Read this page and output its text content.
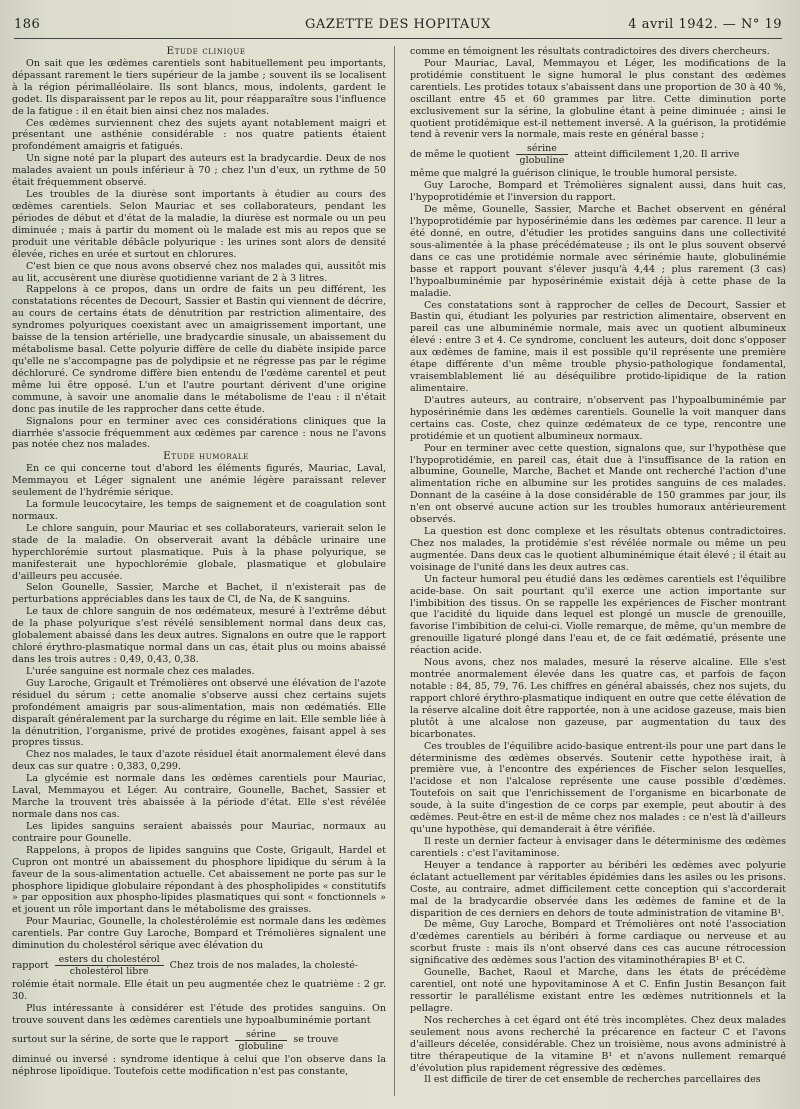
186	GAZETTE DES HOPITAUX	4 avril 1942. — N° 19

Etude clinique

On sait que les œdèmes carentiels sont habituellement peu importants, dépassant rarement le tiers supérieur de la jambe ; souvent ils se localisent à la région périmalléolaire. Ils sont blancs, mous, indolents, gardent le godet. Ils disparaissent par le repos au lit, pour réapparaître sous l'influence de la fatigue : il en était bien ainsi chez nos malades.

Ces œdèmes surviennent chez des sujets ayant notablement maigri et présentant une asthénie considérable : nos quatre patients étaient profondément amaigris et fatigués.

Un signe noté par la plupart des auteurs est la bradycardie. Deux de nos malades avaient un pouls inférieur à 70 ; chez l'un d'eux, un rythme de 50 était fréquemment observé.

Les troubles de la diurèse sont importants à étudier au cours des œdèmes carentiels. Selon Mauriac et ses collaborateurs, pendant les périodes de début et d'état de la maladie, la diurèse est normale ou un peu diminuée ; mais à partir du moment où le malade est mis au repos que se produit une véritable débâcle polyurique : les urines sont alors de densité élevée, riches en urée et surtout en chlorures.

C'est bien ce que nous avons observé chez nos malades qui, aussitôt mis au lit, accusèrent une diurèse quotidienne variant de 2 à 3 litres.

Rappelons à ce propos, dans un ordre de faits un peu différent, les constatations récentes de Decourt, Sassier et Bastin qui viennent de décrire, au cours de certains états de dénutrition par restriction alimentaire, des syndromes polyuriques coexistant avec un amaigrissement important, une baisse de la tension artérielle, une bradycardie sinusale, un abaissement du métabolisme basal. Cette polyurie diffère de celle du diabète insipide parce qu'elle ne s'accompagne pas de polydipsie et ne régresse pas par le régime déchloruré. Ce syndrome diffère bien entendu de l'œdème carentel et peut même lui être opposé. L'un et l'autre pourtant dérivent d'une origine commune, à savoir une anomalie dans le métabolisme de l'eau : il n'était donc pas inutile de les rapprocher dans cette étude.

Signalons pour en terminer avec ces considérations cliniques que la diarrhée s'associe fréquemment aux œdèmes par carence : nous ne l'avons pas notée chez nos malades.

Etude humorale

En ce qui concerne tout d'abord les éléments figurés, Mauriac, Laval, Memmayou et Léger signalent une anémie légère paraissant relever seulement de l'hydrémie sérique.

La formule leucocytaire, les temps de saignement et de coagulation sont normaux.

Le chlore sanguin, pour Mauriac et ses collaborateurs, varierait selon le stade de la maladie. On observerait avant la débâcle urinaire une hyperchlorémie surtout plasmatique. Puis à la phase polyurique, se manifesterait une hypochlorémie globale, plasmatique et globulaire d'ailleurs peu accusée.

Selon Gounelle, Sassier, Marche et Bachet, il n'existerait pas de perturbations appréciables dans les taux de Cl, de Na, de K sanguins.

Le taux de chlore sanguin de nos œdémateux, mesuré à l'extrême début de la phase polyurique s'est révélé sensiblement normal dans deux cas, globalement abaissé dans les deux autres. Signalons en outre que le rapport chloré érythro-plasmatique normal dans un cas, était plus ou moins abaissé dans les trois autres : 0,49, 0,43, 0,38.

L'urée sanguine est normale chez ces malades.

Guy Laroche, Grigault et Trémolières ont observé une élévation de l'azote résiduel du sérum ; cette anomalie s'observe aussi chez certains sujets profondément amaigris par sous-alimentation, mais non œdématiés. Elle disparaît généralement par la surcharge du régime en lait. Elle semble liée à la dénutrition, l'organisme, privé de protides exogènes, faisant appel à ses propres tissus.

Chez nos malades, le taux d'azote résiduel était anormalement élevé dans deux cas sur quatre : 0,383, 0,299.

La glycémie est normale dans les œdèmes carentiels pour Mauriac, Laval, Memmayou et Léger. Au contraire, Gounelle, Bachet, Sassier et Marche la trouvent très abaissée à la période d'état. Elle s'est révélée normale dans nos cas.

Les lipides sanguins seraient abaissés pour Mauriac, normaux au contraire pour Gounelle.

Rappelons, à propos de lipides sanguins que Coste, Grigault, Hardel et Cupron ont montré un abaissement du phosphore lipidique du sérum à la faveur de la sous-alimentation actuelle. Cet abaissement ne porte pas sur le phosphore lipidique globulaire répondant à des phospholipides « constitutifs » par opposition aux phospho-lipides plasmatiques qui sont « fonctionnels » et jouent un rôle important dans le métabolisme des graisses.

Pour Mauriac, Gounelle, la cholestérolémie est normale dans les œdèmes carentiels. Par contre Guy Laroche, Bompard et Trémolières signalent une diminution du cholestérol sérique avec élévation du

rapport $\frac{\text{esters du cholestérol}}{\text{cholestérol libre}}$ Chez trois de nos malades, la cholesté-

rolémie était normale. Elle était un peu augmentée chez le quatrième : 2 gr. 30.

Plus intéressante à considérer est l'étude des protides sanguins. On trouve souvent dans les œdèmes carentiels une hypoalbuminémie portant

surtout sur la sérine, de sorte que le rapport $\frac{\text{sérine}}{\text{globuline}}$ se trouve

diminué ou inversé : syndrome identique à celui que l'on observe dans la néphrose lipoïdique. Toutefois cette modification n'est pas constante,

comme en témoignent les résultats contradictoires des divers chercheurs.

Pour Mauriac, Laval, Memmayou et Léger, les modifications de la protidémie constituent le signe humoral le plus constant des œdèmes carentiels. Les protides totaux s'abaissent dans une proportion de 30 à 40 %, oscillant entre 45 et 60 grammes par litre. Cette diminution porte exclusivement sur la sérine, la globuline étant à peine diminuée ; ainsi le quotient protidémique est-il nettement inversé. A la guérison, la protidémie tend à revenir vers la normale, mais reste en général basse ;

de même le quotient $\frac{\text{sérine}}{\text{globuline}}$ atteint difficilement 1,20. Il arrive

même que malgré la guérison clinique, le trouble humoral persiste.

Guy Laroche, Bompard et Trémolières signalent aussi, dans huit cas, l'hypoprotidémie et l'inversion du rapport.

De même, Gounelle, Sassier, Marche et Bachet observent en général l'hypoprotidémie par hyposérinémie dans les œdèmes par carence. Il leur a été donné, en outre, d'étudier les protides sanguins dans une collectivité sous-alimentée à la phase précédémateuse ; ils ont le plus souvent observé dans ce cas une protidémie normale avec sérinémie haute, globulinémie basse et rapport pouvant s'élever jusqu'à 4,44 ; plus rarement (3 cas) l'hypoalbuminémie par hyposérinémie existait déjà à cette phase de la maladie.

Ces constatations sont à rapprocher de celles de Decourt, Sassier et Bastin qui, étudiant les polyuries par restriction alimentaire, observent en pareil cas une albuminémie normale, mais avec un quotient albumineux élevé : entre 3 et 4. Ce syndrome, concluent les auteurs, doit donc s'opposer aux œdèmes de famine, mais il est possible qu'il représente une première étape différente d'un même trouble physio-pathologique fondamental, vraisemblablement lié au déséquilibre protido-lipidique de la ration alimentaire.

D'autres auteurs, au contraire, n'observent pas l'hypoalbuminémie par hyposérinémie dans les œdèmes carentiels. Gounelle la voit manquer dans certains cas. Coste, chez quinze œdémateux de ce type, rencontre une protidémie et un quotient albumineux normaux.

Pour en terminer avec cette question, signalons que, sur l'hypothèse que l'hypoprotidémie, en pareil cas, était due à l'insuffisance de la ration en albumine, Gounelle, Marche, Bachet et Mande ont recherché l'action d'une alimentation riche en albumine sur les protides sanguins de ces malades. Donnant de la caséine à la dose considérable de 150 grammes par jour, ils n'en ont observé aucune action sur les troubles humoraux antérieurement observés.

La question est donc complexe et les résultats obtenus contradictoires. Chez nos malades, la protidémie s'est révélée normale ou même un peu augmentée. Dans deux cas le quotient albuminémique était élevé ; il était au voisinage de l'unité dans les deux autres cas.

Un facteur humoral peu étudié dans les œdèmes carentiels est l'équilibre acide-base. On sait pourtant qu'il exerce une action importante sur l'imbibition des tissus. On se rappelle les expériences de Fischer montrant que l'acidité du liquide dans lequel est plongé un muscle de grenouille, favorise l'imbibition de celui-ci. Violle remarque, de même, qu'un membre de grenouille ligaturé plongé dans l'eau et, de ce fait œdématié, présente une réaction acide.

Nous avons, chez nos malades, mesuré la réserve alcaline. Elle s'est montrée anormalement élevée dans les quatre cas, et parfois de façon notable : 84, 85, 79, 76. Les chiffres en général abaissés, chez nos sujets, du rapport chloré érythro-plasmatique indiquent en outre que cette élévation de la réserve alcaline doit être rapportée, non à une acidose gazeuse, mais bien plutôt à une alcalose non gazeuse, par augmentation du taux des bicarbonates.

Ces troubles de l'équilibre acido-basique entrent-ils pour une part dans le déterminisme des œdèmes observés. Soutenir cette hypothèse irait, à première vue, à l'encontre des expériences de Fischer selon lesquelles, l'acidose et non l'alcalose représente une cause possible d'œdèmes. Toutefois on sait que l'enrichissement de l'organisme en bicarbonate de soude, à la suite d'ingestion de ce corps par exemple, peut aboutir à des œdèmes. Peut-être en est-il de même chez nos malades : ce n'est là d'ailleurs qu'une hypothèse, qui demanderait à être vérifiée.

Il reste un dernier facteur à envisager dans le déterminisme des œdèmes carentiels : c'est l'avitaminose.

Heuyer a tendance à rapporter au béribéri les œdèmes avec polyurie éclatant actuellement par véritables épidémies dans les asiles ou les prisons. Coste, au contraire, admet difficilement cette conception qui s'accorderait mal de la bradycardie observée dans les œdèmes de famine et de la disparition de ces derniers en dehors de toute administration de vitamine B¹.

De même, Guy Laroche, Bompard et Trémolières ont noté l'association d'œdèmes carentiels au béribéri à forme cardiaque ou nerveuse et au scorbut fruste : mais ils n'ont observé dans ces cas aucune rétrocession significative des œdèmes sous l'action des vitaminothérapies B¹ et C.

Gounelle, Bachet, Raoul et Marche, dans les états de précédème carentiel, ont noté une hypovitaminose A et C. Enfin Justin Besançon fait ressortir le parallélisme existant entre les œdèmes nutritionnels et la pellagre.

Nos recherches à cet égard ont été très incomplètes. Chez deux malades seulement nous avons recherché la précarence en facteur C et l'avons d'ailleurs décelée, considérable. Chez un troisième, nous avons administré à titre thérapeutique de la vitamine B¹ et n'avons nullement remarqué d'évolution plus rapidement régressive des œdèmes.

Il est difficile de tirer de cet ensemble de recherches parcellaires des
